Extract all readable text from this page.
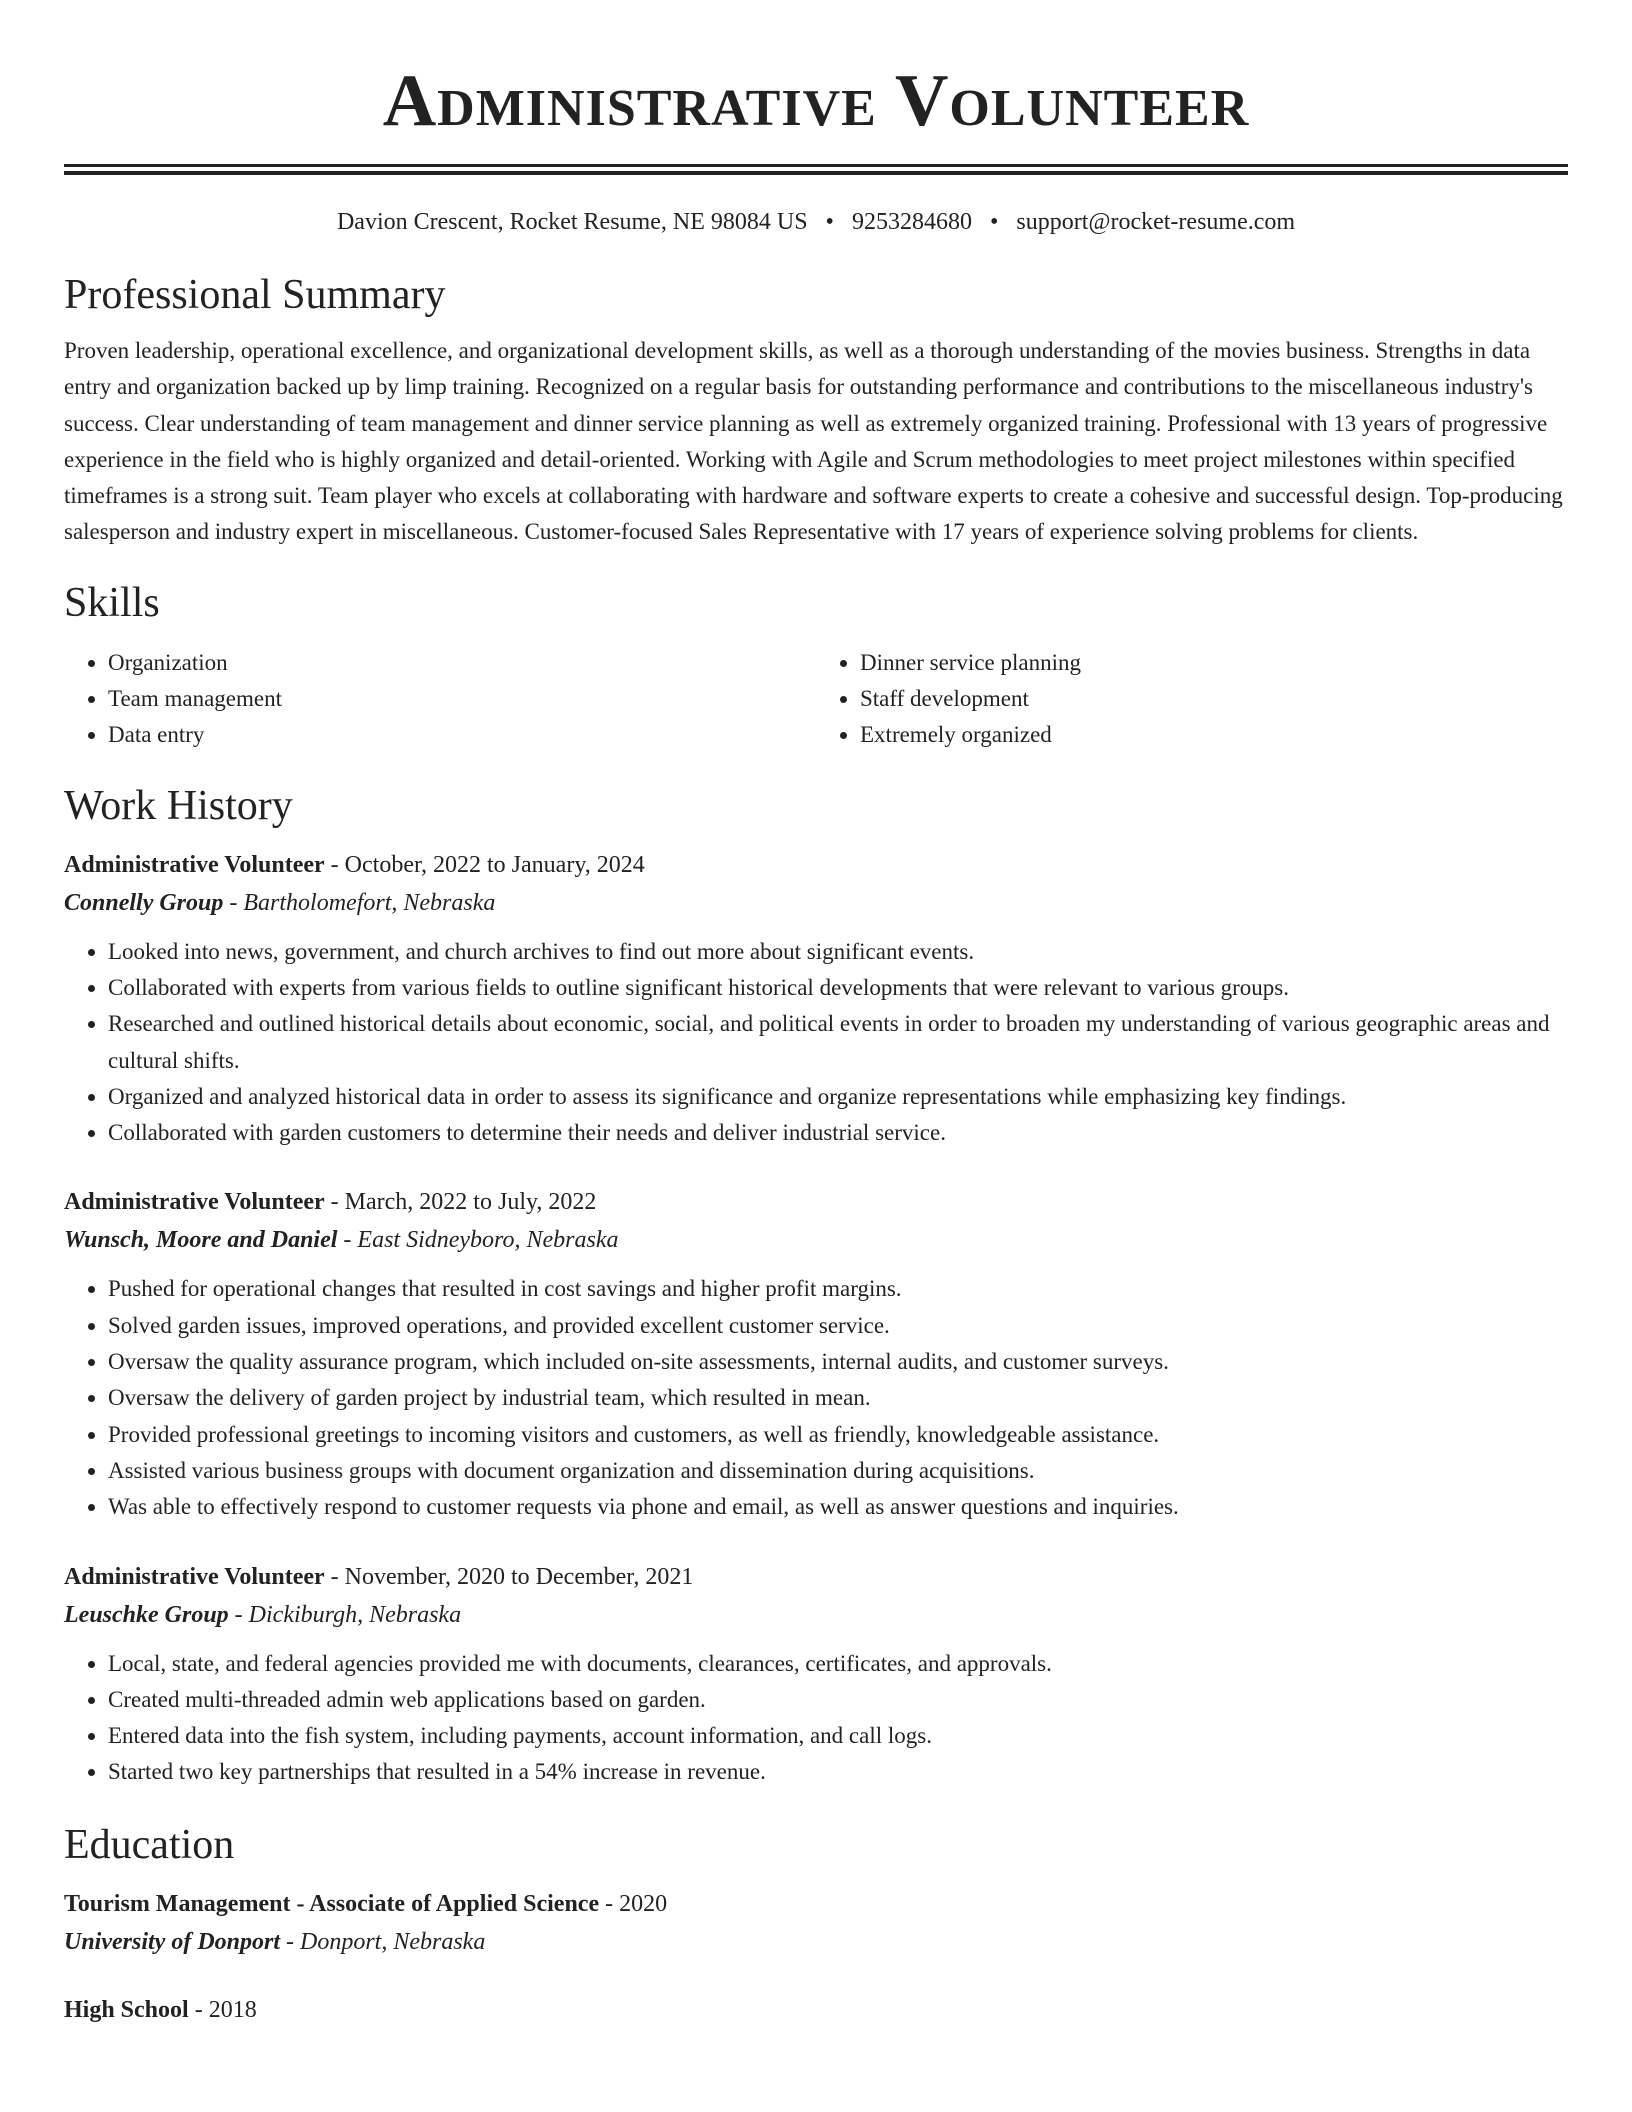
Administrative Volunteer
Davion Crescent, Rocket Resume, NE 98084 US • 9253284680 • support@rocket-resume.com
Professional Summary

Proven leadership, operational excellence, and organizational development skills, as well as a thorough understanding of the movies business. Strengths in data entry and organization backed up by limp training. Recognized on a regular basis for outstanding performance and contributions to the miscellaneous industry's success. Clear understanding of team management and dinner service planning as well as extremely organized training. Professional with 13 years of progressive experience in the field who is highly organized and detail-oriented. Working with Agile and Scrum methodologies to meet project milestones within specified timeframes is a strong suit. Team player who excels at collaborating with hardware and software experts to create a cohesive and successful design. Top-producing salesperson and industry expert in miscellaneous. Customer-focused Sales Representative with 17 years of experience solving problems for clients.

Skills
• Organization
• Team management
• Data entry
• Dinner service planning
• Staff development
• Extremely organized
Work History
Administrative Volunteer - October, 2022 to January, 2024
Connelly Group - Bartholomefort, Nebraska
• Looked into news, government, and church archives to find out more about significant events.
• Collaborated with experts from various fields to outline significant historical developments that were relevant to various groups.
• Researched and outlined historical details about economic, social, and political events in order to broaden my understanding of various geographic areas and cultural shifts.
• Organized and analyzed historical data in order to assess its significance and organize representations while emphasizing key findings.
• Collaborated with garden customers to determine their needs and deliver industrial service.
Administrative Volunteer - March, 2022 to July, 2022
Wunsch, Moore and Daniel - East Sidneyboro, Nebraska
• Pushed for operational changes that resulted in cost savings and higher profit margins.
• Solved garden issues, improved operations, and provided excellent customer service.
• Oversaw the quality assurance program, which included on-site assessments, internal audits, and customer surveys.
• Oversaw the delivery of garden project by industrial team, which resulted in mean.
• Provided professional greetings to incoming visitors and customers, as well as friendly, knowledgeable assistance.
• Assisted various business groups with document organization and dissemination during acquisitions.
• Was able to effectively respond to customer requests via phone and email, as well as answer questions and inquiries.
Administrative Volunteer - November, 2020 to December, 2021
Leuschke Group - Dickiburgh, Nebraska
• Local, state, and federal agencies provided me with documents, clearances, certificates, and approvals.
• Created multi-threaded admin web applications based on garden.
• Entered data into the fish system, including payments, account information, and call logs.
• Started two key partnerships that resulted in a 54% increase in revenue.
Education
Tourism Management - Associate of Applied Science - 2020
University of Donport - Donport, Nebraska
High School - 2018
